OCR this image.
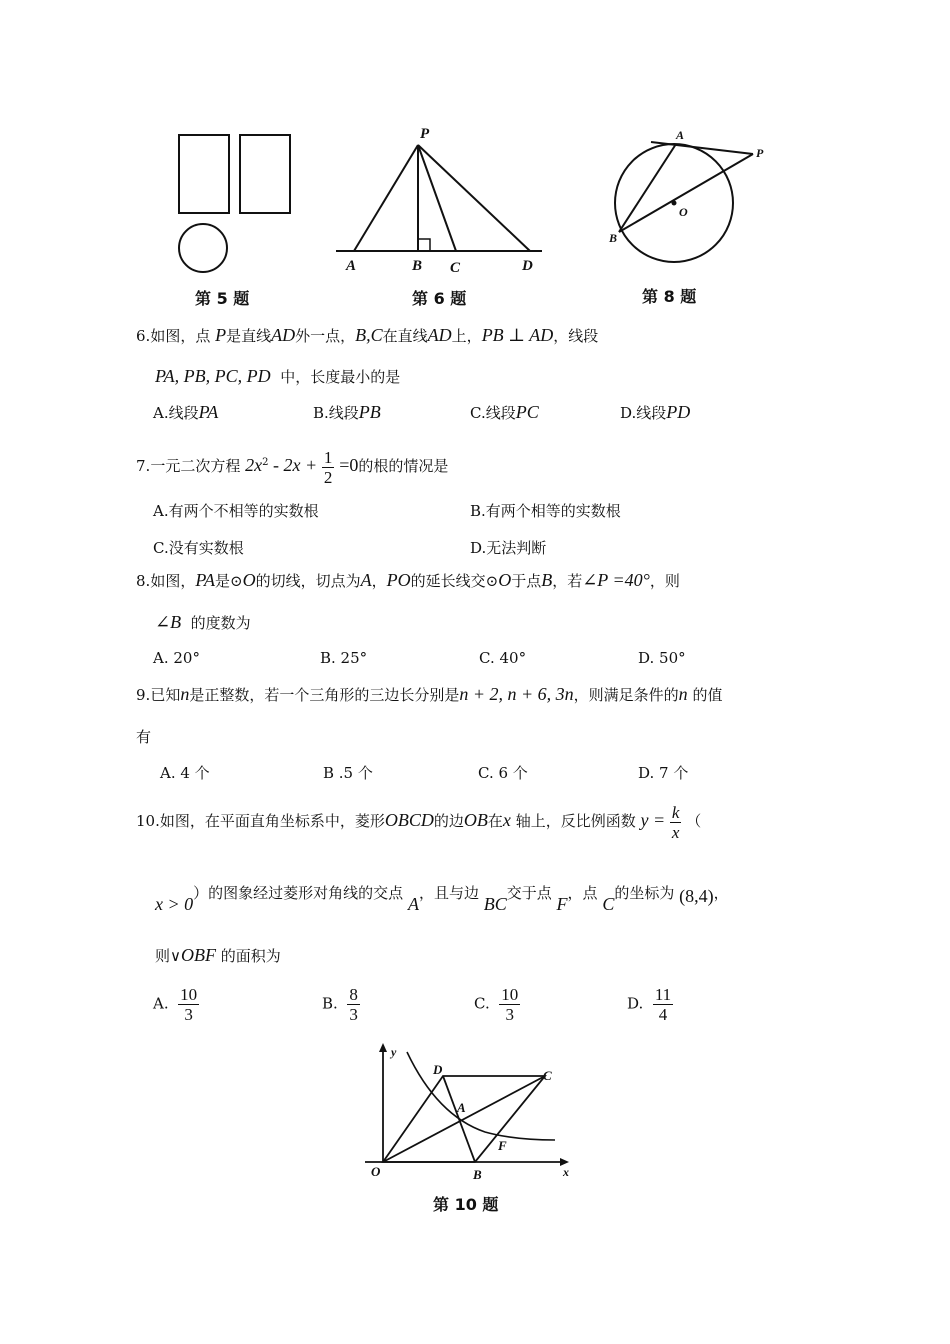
第 5 题
P
A	B C	D
第 6 题
A
P
O
B
第 8 题
6.如图，点 P是直线AD外一点，B,C在直线AD上，PB ⊥ AD，线段
PA, PB, PC, PD 中，长度最小的是
A.线段PA	B.线段PB	C.线段PC	D.线段PD
7.一元二次方程 $2x^2 - 2x + \frac{1}{2} =0$的根的情况是
A.有两个不相等的实数根	B.有两个相等的实数根
C.没有实数根	D.无法判断
8.如图，PA是⊙O的切线，切点为A，PO的延长线交⊙O于点B，若∠P =40°，则
∠B 的度数为
A. 20°	B. 25°	C. 40°	D. 50°
9.已知n是正整数，若一个三角形的三边长分别是n + 2, n + 6, 3n，则满足条件的n 的值
有
A. 4 个	B .5 个	C. 6 个	D. 7 个
10.如图，在平面直角坐标系中，菱形OBCD的边OB在x 轴上，反比例函数 $y = \frac{k}{x}$ （
x > 0）的图象经过菱形对角线的交点 A，且与边 BC交于点 F，点 C的坐标为 (8,4)，
则∨OBF 的面积为
A. $\frac{10}{3}$	B. $\frac{8}{3}$	C. $\frac{10}{3}$	D. $\frac{11}{4}$
y
x
O
D	C
A
F
B
第 10 题
